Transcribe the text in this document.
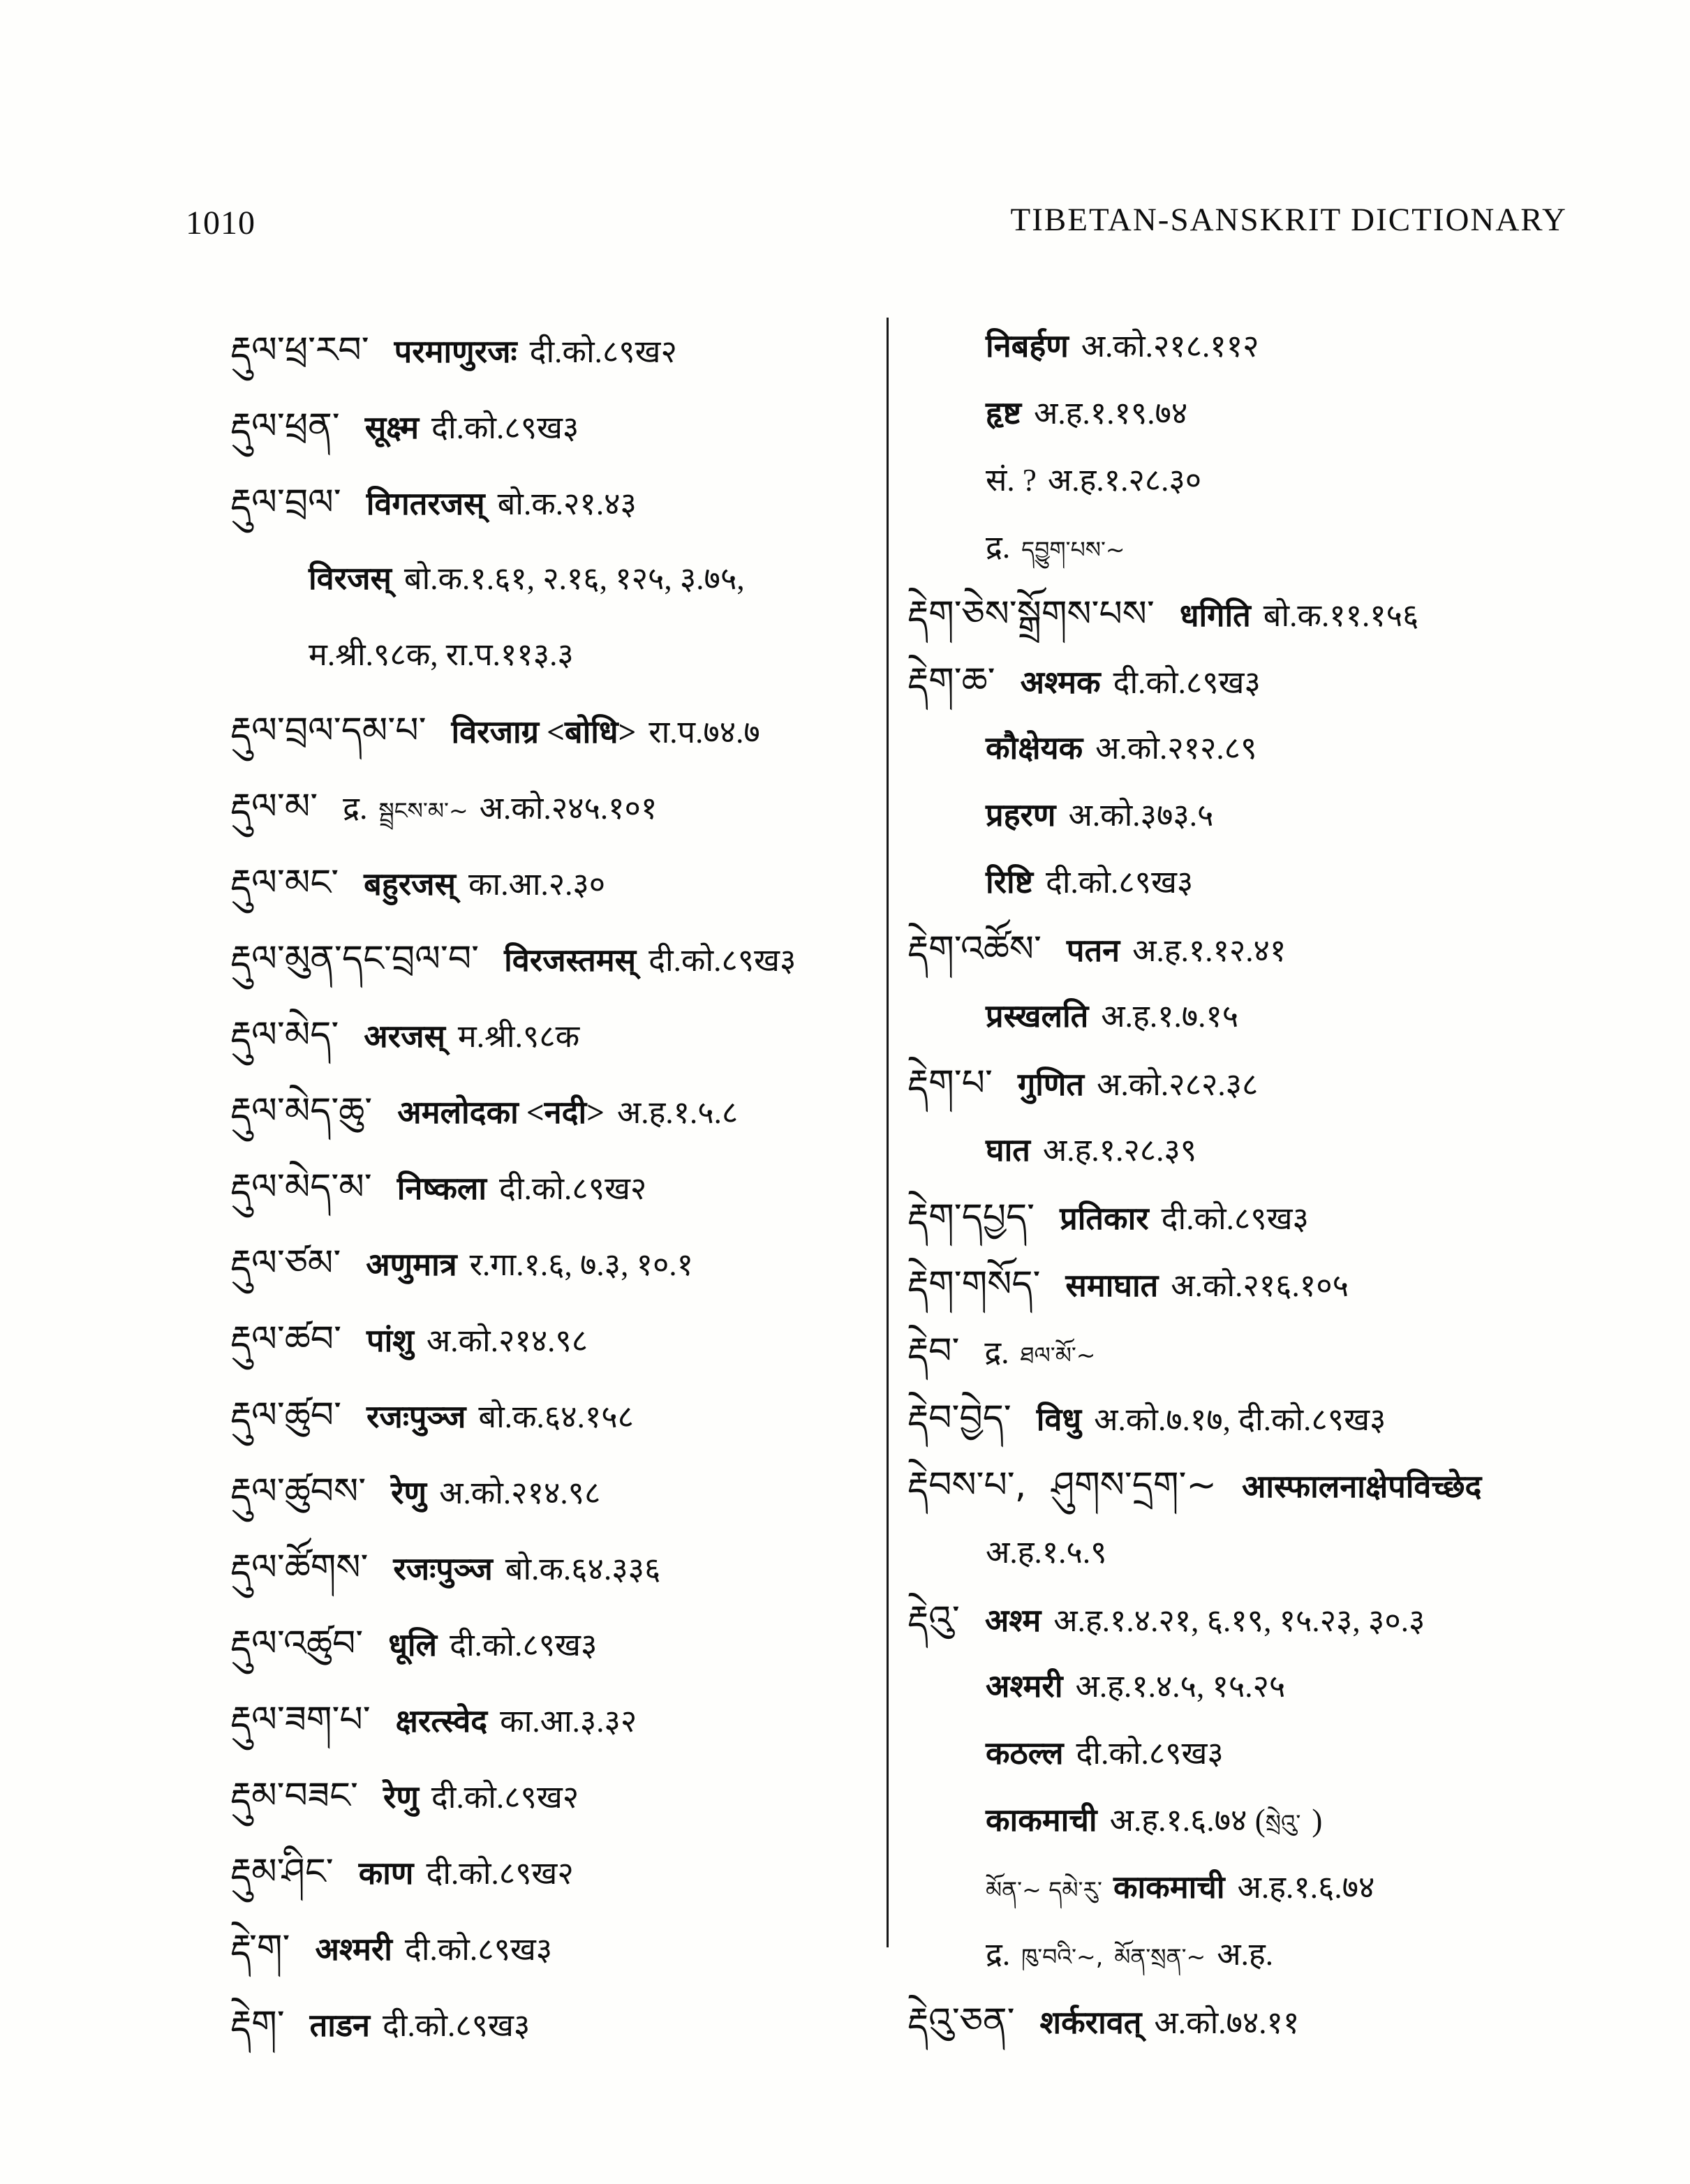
1010	TIBETAN-SANSKRIT DICTIONARY
རྡུལ་ཕྲ་རབ་ परमाणुरजः दी.को.८९ख२
རྡུལ་ཕྲན་ सूक्ष्म दी.को.८९ख३
རྡུལ་བྲལ་ विगतरजस् बो.क.२१.४३
विरजस् बो.क.१.६१, २.१६, १२५, ३.७५,
म.श्री.९८क, रा.प.११३.३
རྡུལ་བྲལ་དམ་པ་ विरजाग्र <बोधि> रा.प.७४.७
རྡུལ་མ་ द्र. སྦྲངས་མ་~ अ.को.२४५.१०१
རྡུལ་མང་ बहुरजस् का.आ.२.३०
རྡུལ་མུན་དང་བྲལ་བ་ विरजस्तमस् दी.को.८९ख३
རྡུལ་མེད་ अरजस् म.श्री.९८क
རྡུལ་མེད་ཆུ་ अमलोदका <नदी> अ.ह.१.५.८
རྡུལ་མེད་མ་ निष्कला दी.को.८९ख२
རྡུལ་ཙམ་ अणुमात्र र.गा.१.६, ७.३, १०.१
རྡུལ་ཚབ་ पांशु अ.को.२१४.९८
རྡུལ་ཚུབ་ रजःपुञ्ज बो.क.६४.१५८
རྡུལ་ཚུབས་ रेणु अ.को.२१४.९८
རྡུལ་ཚོགས་ रजःपुञ्ज बो.क.६४.३३६
རྡུལ་འཚུབ་ धूलि दी.को.८९ख३
རྡུལ་ཟག་པ་ क्षरत्स्वेद का.आ.३.३२
རྡུམ་བཟང་ रेणु दी.को.८९ख२
རྡུམ་ཤིང་ काण दी.को.८९ख२
རྡེ་ག་ अश्मरी दी.को.८९ख३
རྡེག་ ताडन दी.को.८९ख३
निबर्हण अ.को.२१८.११२
हृष्ट अ.ह.१.१९.७४
सं. ? अ.ह.१.२८.३०
द्र. དབྱུག་པས་~
རྡེག་ཅེས་སྒྲོགས་པས་ धगिति बो.क.११.१५६
རྡེག་ཆ་ अश्मक दी.को.८९ख३
कौक्षेयक अ.को.२१२.८९
प्रहरण अ.को.३७३.५
रिष्टि दी.को.८९ख३
རྡེག་འཚོས་ पतन अ.ह.१.१२.४१
प्रस्खलति अ.ह.१.७.१५
རྡེག་པ་ गुणित अ.को.२८२.३८
घात अ.ह.१.२८.३९
རྡེག་དཔྱད་ प्रतिकार दी.को.८९ख३
རྡེག་གསོད་ समाघात अ.को.२१६.१०५
རྡེབ་ द्र. ཐལ་མོ་~
རྡེབ་བྱེད་ विधु अ.को.७.१७, दी.को.८९ख३
རྡེབས་པ་, ཤུགས་དྲག་~ आस्फालनाक्षेपविच्छेद
अ.ह.१.५.९
རྡེའུ་ अश्म अ.ह.१.४.२१, ६.१९, १५.२३, ३०.३
अश्मरी अ.ह.१.४.५, १५.२५
कठल्ल दी.को.८९ख३
काकमाची अ.ह.१.६.७४ (སྲེའུ་ )
མོན་~ དམེ་རུ་ काकमाची अ.ह.१.६.७४
द्र. ཁུ་བའི་~, མོན་སྲན་~ अ.ह.
རྡེའུ་ཅན་ शर्करावत् अ.को.७४.११
